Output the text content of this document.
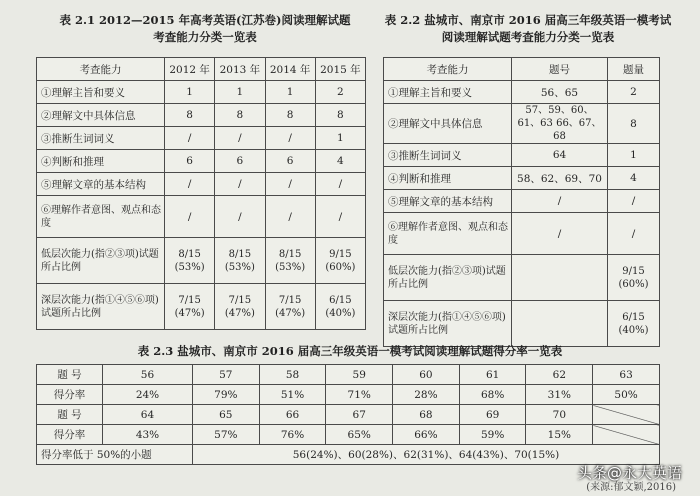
表 2.1 2012—2015 年高考英语(江苏卷)阅读理解试题
考查能力分类一览表
表 2.2 盐城市、南京市 2016 届高三年级英语一模考试
阅读理解试题考查能力分类一览表
考查能力	2012 年	2013 年	2014 年	2015 年
①理解主旨和要义	1	1	1	2
②理解文中具体信息	8	8	8	8
③推断生词词义	/	/	/	1
④判断和推理	6	6	6	4
⑤理解文章的基本结构	/	/	/	/
⑥理解作者意图、观点和态度	/	/	/	/
低层次能力(指②③项)试题所占比例	8/15 (53%)	8/15 (53%)	8/15 (53%)	9/15 (60%)
深层次能力(指①④⑤⑥项)试题所占比例	7/15 (47%)	7/15 (47%)	7/15 (47%)	6/15 (40%)
考查能力	题号	题量
①理解主旨和要义	56、65	2
②理解文中具体信息	57、59、60、61、63 66、67、68	8
③推断生词词义	64	1
④判断和推理	58、62、69、70	4
⑤理解文章的基本结构	/	/
⑥理解作者意图、观点和态度	/	/
低层次能力(指②③项)试题所占比例		9/15 (60%)
深层次能力(指①④⑤⑥项)试题所占比例		6/15 (40%)
表 2.3 盐城市、南京市 2016 届高三年级英语一模考试阅读理解试题得分率一览表
题 号	56	57	58	59	60	61	62	63
得分率	24%	79%	51%	71%	28%	68%	31%	50%
题 号	64	65	66	67	68	69	70	
得分率	43%	57%	76%	65%	66%	59%	15%	
得分率低于 50%的小题		56(24%)、60(28%)、62(31%)、64(43%)、70(15%)						
(来源:郁文颖,2016)
头条@永大英语
